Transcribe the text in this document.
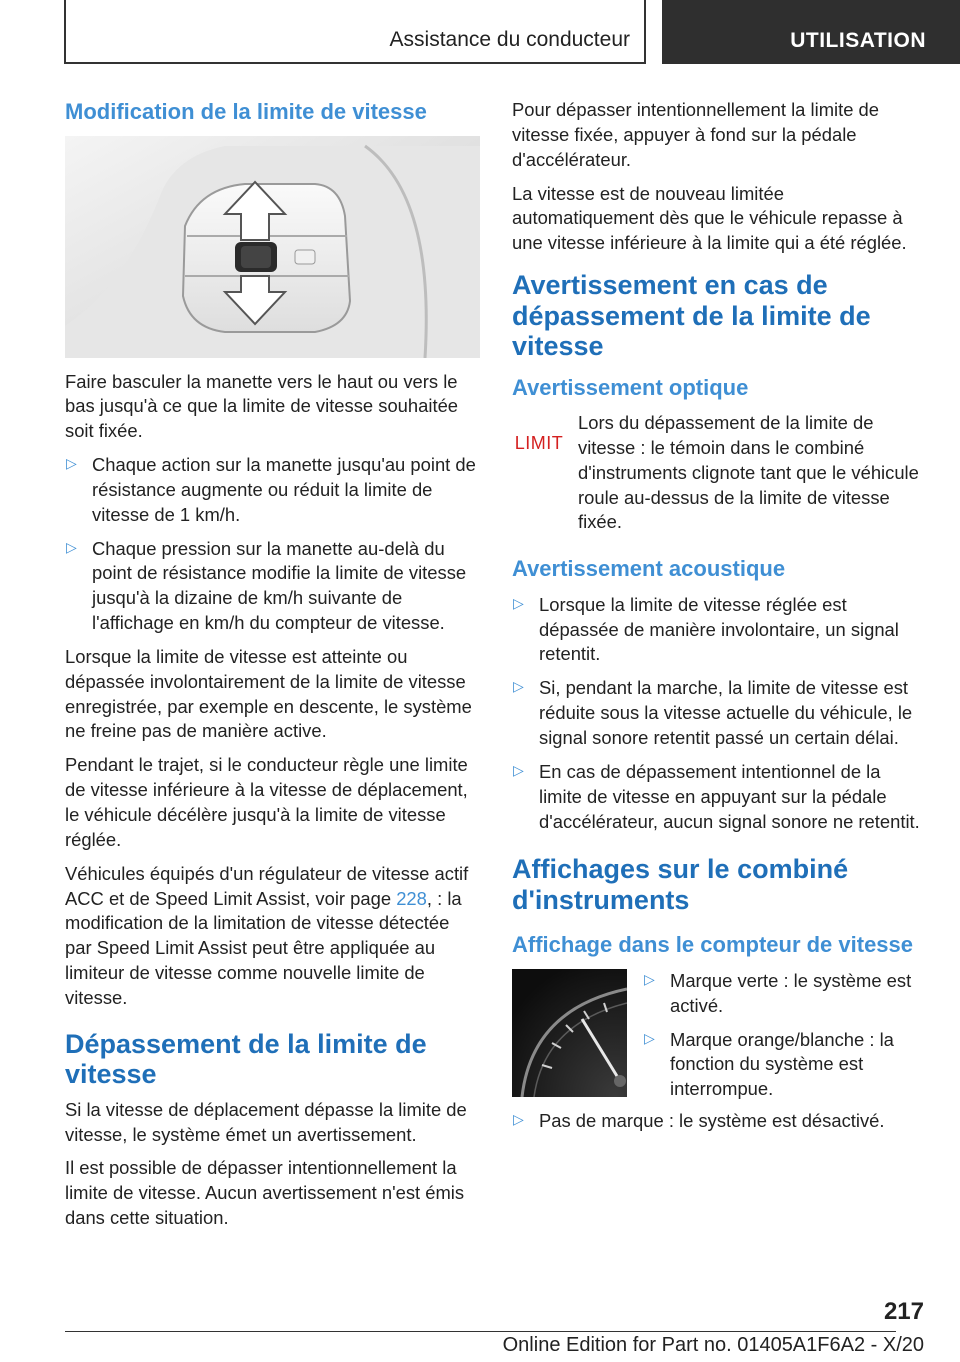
Assistance du conducteur	UTILISATION
Modification de la limite de vitesse

Faire basculer la manette vers le haut ou vers le bas jusqu'à ce que la limite de vitesse souhaitée soit fixée.

▷ Chaque action sur la manette jusqu'au point de résistance augmente ou réduit la limite de vitesse de 1 km/h.
▷ Chaque pression sur la manette au-delà du point de résistance modifie la limite de vitesse jusqu'à la dizaine de km/h suivante de l'affichage en km/h du compteur de vitesse.

Lorsque la limite de vitesse est atteinte ou dépassée involontairement de la limite de vitesse enregistrée, par exemple en descente, le système ne freine pas de manière active.

Pendant le trajet, si le conducteur règle une limite de vitesse inférieure à la vitesse de déplacement, le véhicule décélère jusqu'à la limite de vitesse réglée.

Véhicules équipés d'un régulateur de vitesse actif ACC et de Speed Limit Assist, voir page 228, : la modification de la limitation de vitesse détectée par Speed Limit Assist peut être appliquée au limiteur de vitesse comme nouvelle limite de vitesse.

Dépassement de la limite de vitesse

Si la vitesse de déplacement dépasse la limite de vitesse, le système émet un avertissement.

Il est possible de dépasser intentionnellement la limite de vitesse. Aucun avertissement n'est émis dans cette situation.

Pour dépasser intentionnellement la limite de vitesse fixée, appuyer à fond sur la pédale d'accélérateur.

La vitesse est de nouveau limitée automatiquement dès que le véhicule repasse à une vitesse inférieure à la limite qui a été réglée.

Avertissement en cas de dépassement de la limite de vitesse
Avertissement optique
LIMIT

Lors du dépassement de la limite de vitesse : le témoin dans le combiné d'instruments clignote tant que le véhicule roule au-dessus de la limite de vitesse fixée.

Avertissement acoustique
▷ Lorsque la limite de vitesse réglée est dépassée de manière involontaire, un signal retentit.
▷ Si, pendant la marche, la limite de vitesse est réduite sous la vitesse actuelle du véhicule, le signal sonore retentit passé un certain délai.
▷ En cas de dépassement intentionnel de la limite de vitesse en appuyant sur la pédale d'accélérateur, aucun signal sonore ne retentit.
Affichages sur le combiné d'instruments
Affichage dans le compteur de vitesse
▷ Marque verte : le système est activé.
▷ Marque orange/blanche : la fonction du système est interrompue.
▷ Pas de marque : le système est désactivé.
217
Online Edition for Part no. 01405A1F6A2 - X/20
